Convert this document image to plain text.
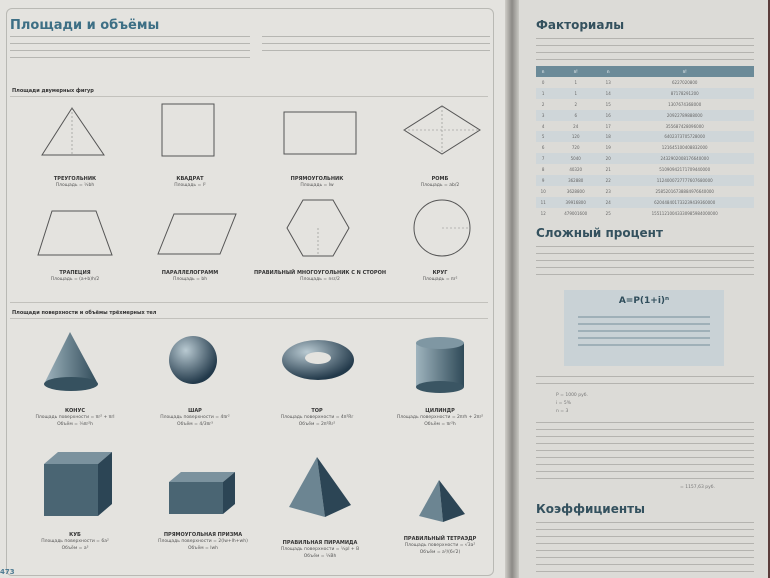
Площади и объёмы
Площади двумерных фигур
ТРЕУГОЛЬНИК
Площадь = ½bh
КВАДРАТ
Площадь = l²
ПРЯМОУГОЛЬНИК
Площадь = lw
РОМБ
Площадь = ab/2
ТРАПЕЦИЯ
Площадь = (a+b)h/2
ПАРАЛЛЕЛОГРАММ
Площадь = bh
ПРАВИЛЬНЫЙ МНОГОУГОЛЬНИК С N СТОРОН
Площадь = nsr/2
КРУГ
Площадь = πr²
Площади поверхности и объёмы трёхмерных тел
КОНУС
Площадь поверхности = πr² + πrl
Объём = ⅓πr²h
ШАР
Площадь поверхности = 4πr²
Объём = 4/3πr³
ТОР
Площадь поверхности = 4π²Rr
Объём = 2π²Rr²
ЦИЛИНДР
Площадь поверхности = 2πrh + 2πr²
Объём = πr²h
КУБ
Площадь поверхности = 6a²
Объём = a³
ПРЯМОУГОЛЬНАЯ ПРИЗМА
Площадь поверхности = 2(lw+lh+wh)
Объём = lwh
ПРАВИЛЬНАЯ ПИРАМИДА
Площадь поверхности = ½pl + B
Объём = ⅓Bh
ПРАВИЛЬНЫЙ ТЕТРАЭДР
Площадь поверхности = √3a²
Объём = a³/(6√2)
473
Факториалы
n	n!	n	n!
0	1	13	6227020800
1	1	14	87178291200
2	2	15	1307674368000
3	6	16	20922789888000
4	24	17	355687428096000
5	120	18	6402373705728000
6	720	19	121645100408832000
7	5040	20	2432902008176640000
8	40320	21	51090942171709440000
9	362880	22	1124000727777607680000
10	3628800	23	25852016738884976640000
11	39916800	24	620448401733239439360000
12	479001600	25	15511210043330985984000000
Сложный процент
A=P(1+i)ⁿ
P = 1000 руб.
i = 5%
n = 3
= 1157,63 руб.
Коэффициенты
